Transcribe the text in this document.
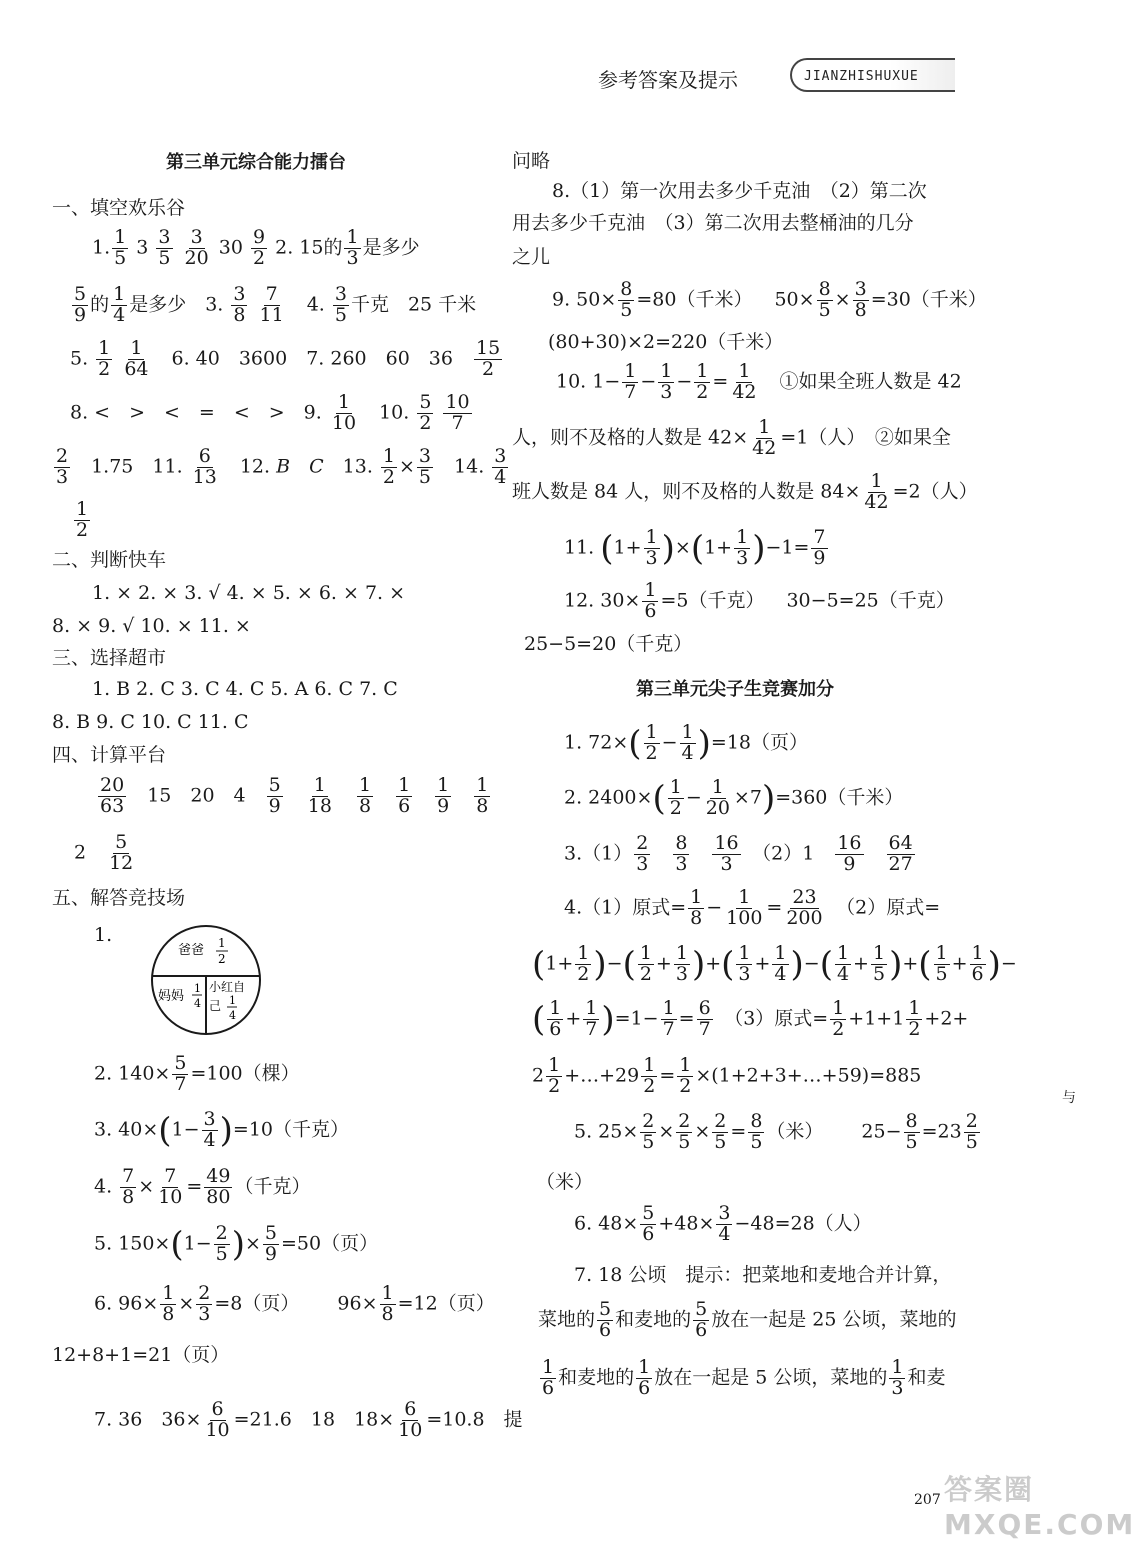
参考答案及提示	JIANZHISHUXUE
第三单元综合能力擂台
一、填空欢乐谷
1. $\frac{1}{5} 3 \frac{3}{5}$
$\frac{3}{20} 30 \frac{9}{2} 2$. 15的 $\frac{1}{3}$ 是多少
$\frac{5}{9}$ 的 $\frac{1}{4}$ 是多少　3. $\frac{3}{8}$
$\frac{7}{11}$ 　4. $\frac{3}{5}$ 千克　25 千米
5. $\frac{1}{2}$
$\frac{1}{64}$ 　6. 40　3600　7. 260　60　36　 $\frac{15}{2}$
8. <　>　<　=　<　>　9. $\frac{1}{10}$ 　10. $\frac{5}{2}$
$\frac{10}{7}$
$\frac{2}{3}$ 　1.75　11. $\frac{6}{13}$ 　12. B　 C　13. $\frac{1}{2} \times \frac{3}{5}$ 　14. $\frac{3}{4}$
$\frac{1}{2}$
二、判断快车
1. × 2. × 3. √ 4. × 5. × 6. × 7. ×
8. × 9. √ 10. × 11. ×
三、选择超市
1. B 2. C 3. C 4. C 5. A 6. C 7. C
8. B 9. C 10. C 11. C
四、计算平台
$\frac{20}{63}$ 　15　20　4　 $\frac{5}{9}$
　 $\frac{1}{18}$
　 $\frac{1}{8}$
　 $\frac{1}{6}$
　 $\frac{1}{9}$
　 $\frac{1}{8}$
2　 $\frac{5}{12}$
五、解答竞技场
1.
爸爸 1
2
妈妈
1
4
小红自
己 1
4
2. $140\times \frac{5}{7} =100$（棵）
3. $40\times(1- \frac{3}{4} )=10$（千克）
4. $\frac{7}{8} \times \frac{7}{10} = \frac{49}{80}$ （千克）
5. $150\times(1- \frac{2}{5}$ )× $\frac{5}{9} =50$（页）
6. $96\times \frac{1}{8} \times \frac{2}{3} =8$（页） $96\times \frac{1}{8} =12$（页）
12+8+1=21（页）
7. 36　$36\times \frac{6}{10} =21.6$　18　$18\times \frac{6}{10} =10.8$　提
问略
8.（1）第一次用去多少千克油　（2）第二次
用去多少千克油　（3）第二次用去整桶油的几分
之儿
9. $50\times \frac{8}{5} =80$（千米） $50\times \frac{8}{5} \times \frac{3}{8} =30$（千米）
(80+30)×2=220（千米）
10. $1- \frac{1}{7} - \frac{1}{3} - \frac{1}{2} = \frac{1}{42}$ 　①如果全班人数是 42
人，则不及格的人数是 $42\times \frac{1}{42} =1$（人）　②如果全
班人数是 84 人，则不及格的人数是 $84\times \frac{1}{42} =2$（人）
11. $(1+ \frac{1}{3} )\times(1+ \frac{1}{3} )-1= \frac{7}{9}$
12. $30\times \frac{1}{6} =5$（千克） 30−5=25（千克）
25−5=20（千克）
第三单元尖子生竞赛加分
1. $72\times( \frac{1}{2} - \frac{1}{4} )=18$（页）
2. $2400\times( \frac{1}{2} - \frac{1}{20} \times 7)=360$（千米）
$3.(1) \frac{2}{3}$
　 $\frac{8}{3}$
　 $\frac{16}{3}$ 　（2）1　 $\frac{16}{9}$
　 $\frac{64}{27}$
4.（1）原式= $\frac{1}{8} - \frac{1}{100} = \frac{23}{200}$ 　（2）原式=
($1+ \frac{1}{2}$ )−( $\frac{1}{2} + \frac{1}{3}$ )+( $\frac{1}{3} + \frac{1}{4}$ )−( $\frac{1}{4} + \frac{1}{5}$ )+( $\frac{1}{5} + \frac{1}{6}$ )−
( $\frac{1}{6} + \frac{1}{7} )=1- \frac{1}{7} = \frac{6}{7}$ 　（3）原式= $\frac{1}{2} +1+1 \frac{1}{2} +2+$
$2 \frac{1}{2}$ +…+29 $\frac{1}{2} = \frac{1}{2}$ ×(1+2+3+…+59)=885
5. $25\times \frac{2}{5} \times \frac{2}{5} \times \frac{2}{5} = \frac{8}{5}$ （米） $25- \frac{8}{5} =23 \frac{2}{5}$
（米）
6. $48\times \frac{5}{6} +48\times \frac{3}{4} -48=28$（人）
7. 18 公顷　提示：把菜地和麦地合并计算，
菜地的 $\frac{5}{6}$ 和麦地的 $\frac{5}{6}$ 放在一起是 25 公顷，菜地的
$\frac{1}{6}$ 和麦地的 $\frac{1}{6}$ 放在一起是 5 公顷，菜地的 $\frac{1}{3}$ 和麦
与
207 答案圈 MXQE.COM
